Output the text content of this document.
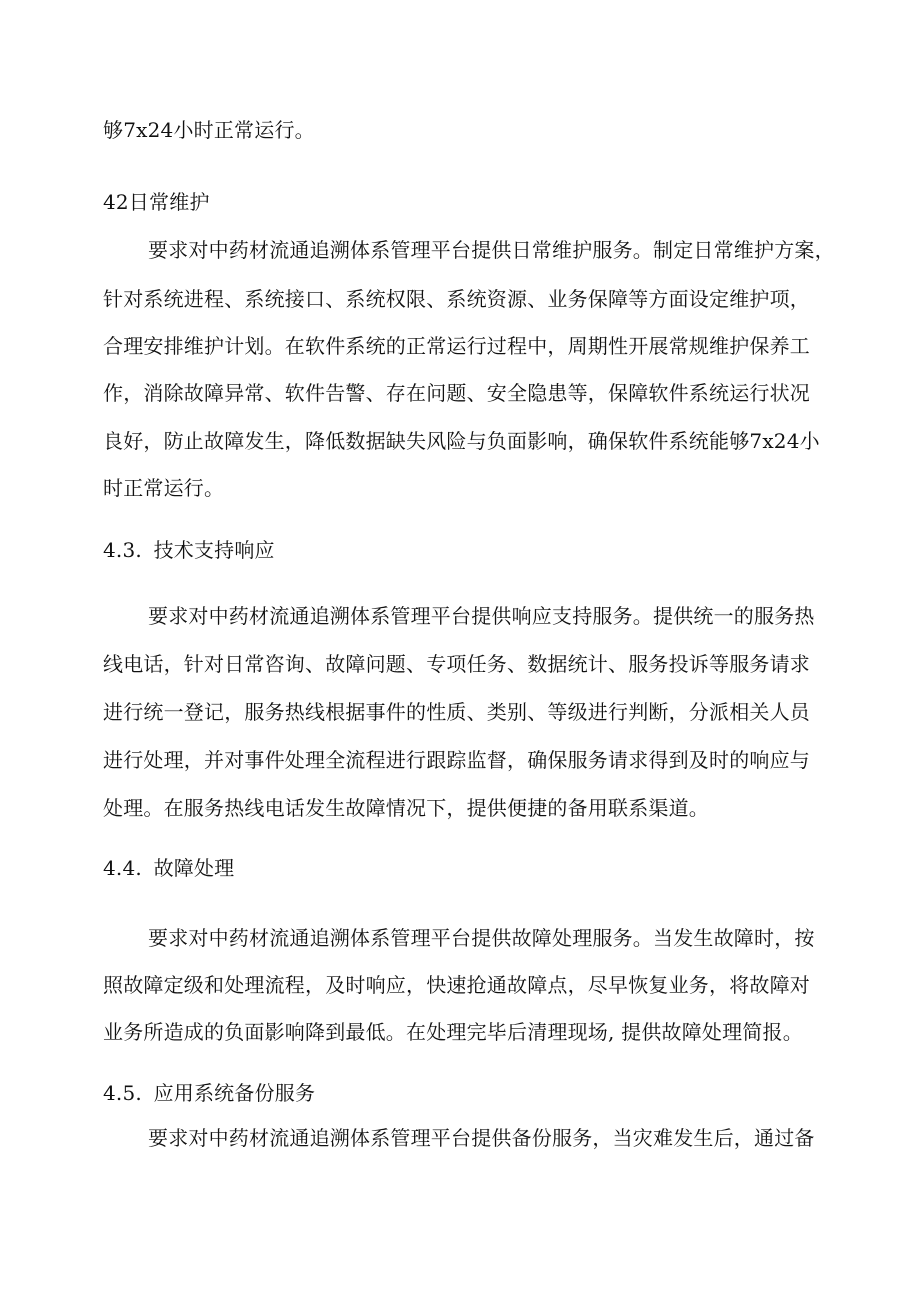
够7x24小时正常运行。
42日常维护
要求对中药材流通追溯体系管理平台提供日常维护服务。制定日常维护方案，
针对系统进程、系统接口、系统权限、系统资源、业务保障等方面设定维护项，
合理安排维护计划。在软件系统的正常运行过程中，周期性开展常规维护保养工
作，消除故障异常、软件告警、存在问题、安全隐患等，保障软件系统运行状况
良好，防止故障发生，降低数据缺失风险与负面影响，确保软件系统能够7x24小
时正常运行。
4.3. 技术支持响应
要求对中药材流通追溯体系管理平台提供响应支持服务。提供统一的服务热
线电话，针对日常咨询、故障问题、专项任务、数据统计、服务投诉等服务请求
进行统一登记，服务热线根据事件的性质、类别、等级进行判断，分派相关人员
进行处理，并对事件处理全流程进行跟踪监督，确保服务请求得到及时的响应与
处理。在服务热线电话发生故障情况下，提供便捷的备用联系渠道。
4.4. 故障处理
要求对中药材流通追溯体系管理平台提供故障处理服务。当发生故障时，按
照故障定级和处理流程，及时响应，快速抢通故障点，尽早恢复业务，将故障对
业务所造成的负面影响降到最低。在处理完毕后清理现场, 提供故障处理简报。
4.5. 应用系统备份服务
要求对中药材流通追溯体系管理平台提供备份服务，当灾难发生后，通过备
